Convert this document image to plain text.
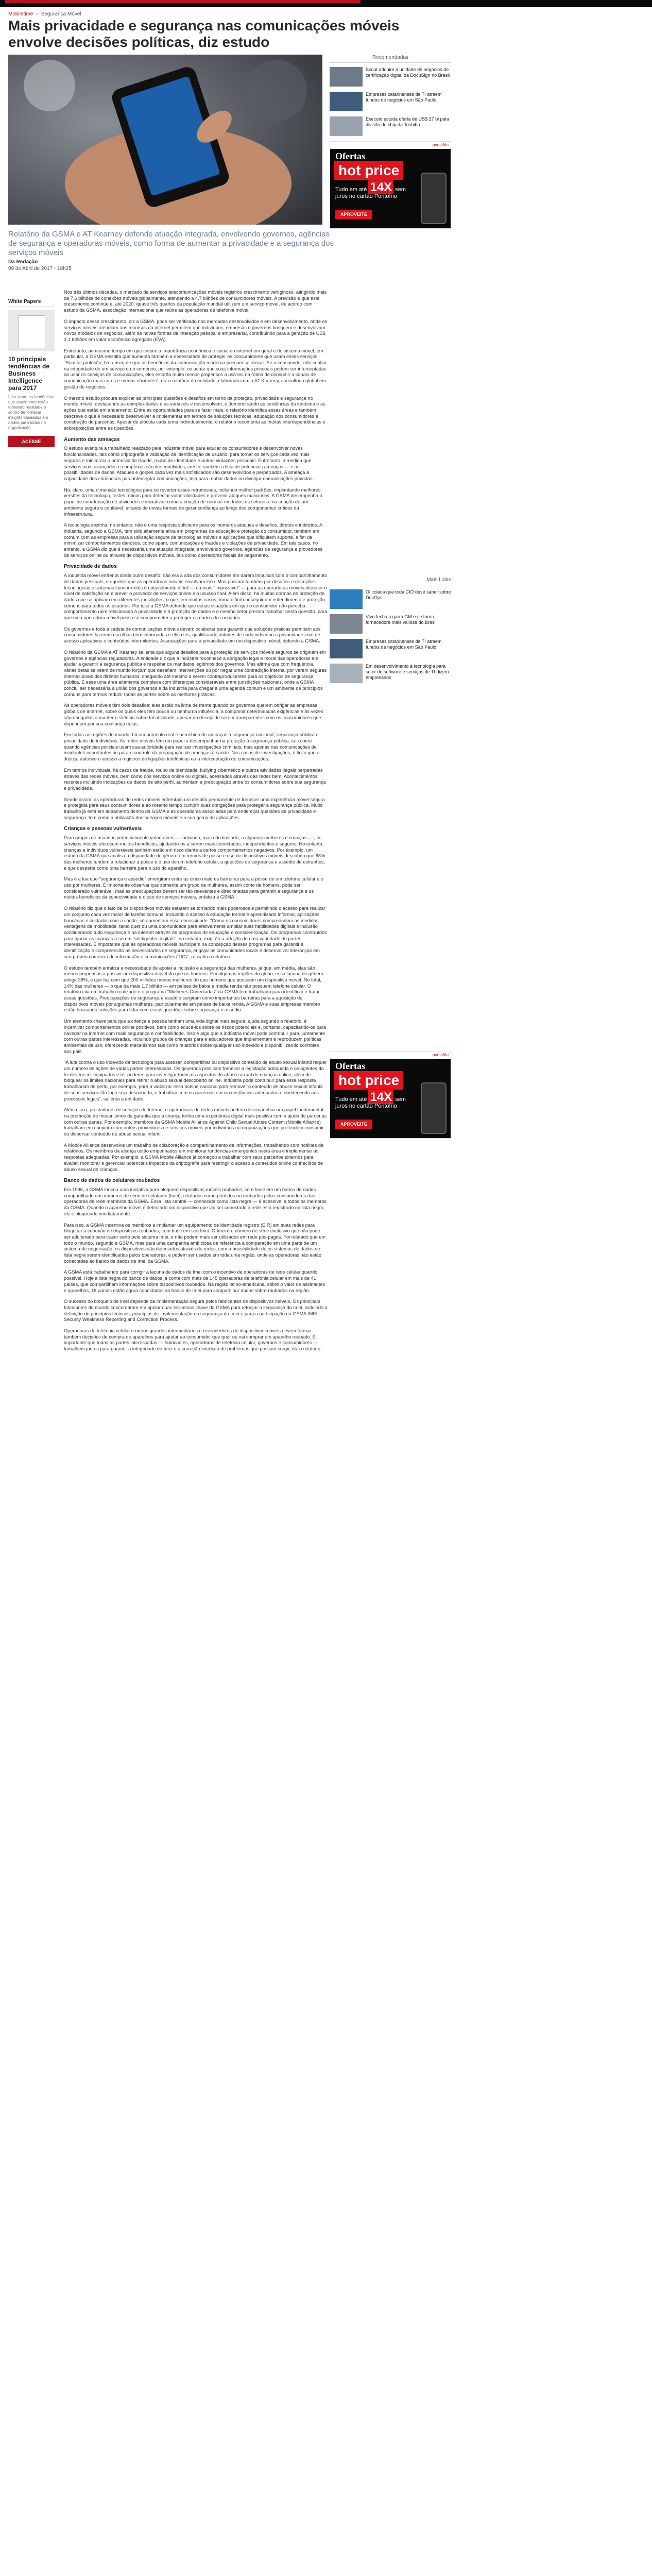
Mobiletime › Segurança Móvel
Mais privacidade e segurança nas comunicações móveis envolve decisões políticas, diz estudo

Relatório da GSMA e AT Kearney defende atuação integrada, envolvendo governos, agências de segurança e operadoras móveis, como forma de aumentar a privacidade e a segurança dos serviços móveis

Da Redação
09 de Abril de 2017 - 18h25
Recomendadas
Scout adquire a unidade de negócios de certificação digital da DocuSign no Brasil
Empresas catarinenses de TI atraem fundos de negócios em São Paulo
Executo estuda oferta de US$ 27 bi pela divisão de chip da Toshiba
pontofrio
Ofertas
hot price
Tudo em até 14X sem juros no cartão Pontofrio
APROVEITE
White Papers
10 principais tendências de Business Intelligence para 2017
Leia sobre as tendências que atualmente estão tornando realidade o sonho de fornecer insights baseados em dados para todos na organização.
ACESSE

Nos três últimos décadas, o mercado de serviços telecomunicações móveis registrou crescimento vertiginoso, atingindo mais de 7,6 bilhões de conexões móveis globalmente, atendendo a 4,7 bilhões de consumidores móveis. A previsão é que este crescimento continue e, até 2020, quase três quartos da população mundial utilizem um serviço móvel, de acordo com estudo da GSMA, associação internacional que reúne as operadoras de telefonia móvel.

O impacto desse crescimento, diz a GSMA, pode ser verificado nos mercados desenvolvidos e em desenvolvimento, onde os serviços móveis atendiam aos recursos da internet permitem que indivíduos, empresas e governos busquem e desenvolvam novos modelos de negócios, além de novas formas de interação pessoal e empresarial, contribuindo para a geração de US$ 3,1 trilhões em valor econômico agregado (EVA).

Entretanto, ao mesmo tempo em que cresce a importância econômica e social da internet em geral e do sistema móvel, em particular, a GSMA ressalta que aumenta também a necessidade de proteger os consumidores que usam esses serviços. "Sem tal proteção, há o risco de que os benefícios da comunicação moderna possam se erosar. Se o consumidor não confiar na integridade de um serviço ou o comércio, por exemplo, ou achar que suas informações pessoais podem ser interceptadas ao usar os serviços de comunicações, eles estarão muito menos propensos a usá-los na rotina de consumir a canais de comunicação mais caros e menos eficientes", diz o relatório da entidade, elaborado com a AT Kearney, consultoria global em gestão de negócios.

O mesmo estudo procura explicar as principais questões e desafios em torno da proteção, privacidade e segurança no mundo móvel, destacando as complexidades e as variáveis e desenvolvem, é demonstrando as tendências da indústria e as ações que estão em andamento. Entre as oportunidades para se fazer mais, o relatório identifica essas áreas e também descreve o que é necessário desenvolver e implementar em termos de soluções técnicas, educação dos consumidores e construção de parcerias. Apesar de alocuta cada tema individualmente, o relatório recomenta as muitas interdependências e sobreposições entre as questões.

Aumento das ameaças

O estudo aventura a trabalhado realizado pela indústria móvel para educar os consumidores e desenvolver novas funcionalidades, tais como criptografia e validação da identificação de usuário, para tornar os serviços cada vez mais seguros e minimizar o potencial de fraude, roubo de identidade e outras violações pessoais. Entretanto, à medida que serviços mais avançados e complexos são desenvolvidos, cresce também a lista de potenciais ameaças — e as possibilidades de danos. Ataques e golpes cada vez mais sofisticados são desenvolvidos e perpetrados. A ameaça à capacidade dos criminosos para interceptar comunicações, teja para roubar dados ou divulgar comunicações privadas.

Há, claro, uma dimensão tecnológica para se reverter esses retrocessos, incluindo melhor padrões, implantando melhores versões da tecnologia, testes rotinas para detectar vulnerabilidades e prevenir ataques maliciosos. A GSMA desempenha o papel de coordenação de atividades e iniciativas como a criação de normas em todos os setores e na criação de um ambiente seguro e confiável, através de novas formas de gerar confiança ao longo dos componentes críticos da infraestrutura.

A tecnologia sozinha, no entanto, não é uma resposta suficiente para os inúmeros ataques e desafios, diretos e indiretos. A indústria, segundo a GSMA, tem sido altamente ativa em programas de educação e proteção do consumidor, também em comum com as empresas para a utilização segura de tecnologias móveis e aplicações que dificultem suporte, a fim de minimizar comportamentos danosos, como spam, comunicações e fraudes e violações de privacidade. Em tais casos, no entanto, a GSMA diz que é necessária uma atuação integrada, envolvendo governos, agências de segurança e provedores de serviços online ou através de dispositivos móveis, tais como operadoras fiscais de pagamento.

Privacidade de dados

A indústria móvel enfrenta ainda outro desafio: não era a alta dos consumidores em darem impulsos com o compartilhamento de dados pessoais, e aqueles que as operadoras móveis envolvam isso. Mas passam também por desafios e restrições tecnológicas e sistemas concorrentes é notavelmente difícil — ou mais "impossível" — para as operadoras móveis oferecer o nível de satisfação sem prever o provedor de serviços online e o usuário final. Além disso, há muitas normas de proteção de dados que se aplicam em diferentes jurisdições, o que, em muitos casos, torna difícil conseguir um entendimento e proteção comuns para todos os usuários. Por isso a GSMA defende que essas situações em que o consumidor não perceba comportamento ruim relacionado à privacidade e à proteção de dados e o mesmo setor precisa trabalhar nesta questão, para que uma operadora móvel possa se comprometer a proteger os dados dos usuários.

Os governos e toda a cadeia de comunicações móveis devem colaborar para garantir que soluções práticas permitam aos consumidores fazerem escolhas bem informadas e eficazes, qualificando atitudes de cada indivíduo a privacidade com de acesso aplicativos e conteúdos intermitentes. Associações para a privacidade em um dispositivo móvel, defende a GSMA.

O relatório da GSMA e AT Kearney salienta que alguns desafios para a proteção de serviços móveis seguros se originam em governos e agências reguladoras. A entidade diz que a indústria reconhece a obrigação legal e moral das operadoras em ajudar a garantir a segurança pública e respeitar os mandatos legítimos dos governos. Mas afirma que com frequência, várias delas se veem de mundo forçam que desafiam intervenções ou por negar uma contradição interna, por verem seguras internacionais dos direitos humanos, chegando até mesmo a serem contraproducentes para os objetivos de segurança pública. E esse uma área altamente complexa com diferenças consideráveis entre jurisdições nacionais, onde a GSMA conclui ser necessária a união dos governos e da indústria para chegar a uma agenda comum e um ambiente de princípios comuns para termos reduzir todas as partes sobre as melhores práticas.

As operadoras móveis têm dois desafios: elas estão na linha de frente quando os governos querem obrigar as empresas globais de internet, sobre os quais eles têm pouca ou nenhuma influência, a comprimir determinadas exigências e às vezes são obrigadas a manter o silêncio sobre tal atividade, apesar do desejo de serem transparentes com os consumidores que dependem por sua confiança nelas.

Em todas as regiões do mundo, há um aumento real e percebido de ameaças à segurança nacional, segurança pública e privacidade de indivíduos. As redes móveis têm um papel a desempenhar na proteção à segurança pública, tais como quando agências policiais usam sua autoridade para realizar investigações criminais, mas apenas nas comunicações de incidentes importantes ou para o controle da propagação de ameaças à saúde. Nos casos de investigações, é lícito que a Justiça autorize o acesso a registros de ligações telefônicas ou a interceptação de comunicações.

Em termos individuais, há casos de fraude, roubo de identidade, bullying cibernético e outros atividades ilegais perpetradas através das redes móveis, bem como dos serviços online ou digitais, acessados através das redes bem. Acontecimentos recentes incluindo indicações de dados de alto perfil, aumentam a preocupação entre os consumidores sobre sua segurança e privacidade.

Sendo assim, as operadoras de redes móveis enfrentam um desafio permanente de fornecer uma experiência móvel segura e protegida para seus consumidores e ao mesmo tempo cumprir suas obrigações para proteger a segurança pública. Muito trabalho já está em andamento dentro da GSMA e as operadoras associadas para endereçar questões de privacidade e segurança, tem como a utilização dos serviços móveis e a sua gama de aplicações.

Crianças e pessoas vulneráveis

Para grupos de usuários potencialmente vulneráveis — incluindo, mas não limitado, a algumas mulheres e crianças — , os serviços móveis oferecem muitos benefícios, ajudando-os a serem mais conectados, independentes e seguros. No entanto, crianças e indivíduos vulneráveis também estão em risco diante a certos comportamentos negativos. Por exemplo, um estudo da GSMA que analisa a disparidade de gênero em termos de posse e uso de dispositivos móveis descobriu que 68% das mulheres tendem a relacionar a posse e o uso de um telefone celular, a questões de segurança e assédio de estranhos, e que desperta como uma barreira para o uso do aparelho.

Mas é a tua que "segurança e assédio" emergiram entre as cinco maiores barreiras para a posse de um telefone celular e o uso por mulheres. É importante observar que somente um grupo de mulheres, assim como de homens, pode ser considerado vulnerável, mas as preocupações devem ser tão relevantes e direcionadas para garantir a segurança e os muitos benefícios da conectividade e o uso de serviços móveis, enfatiza a GSMA.

O relatório diz que o fato de os dispositivos móveis estarem se tornando mais poderosos e permitindo o acesso para realizar um conjunto cada vez maior de tarefas comuns, incluindo o acesso à educação formal e aprendizado informal, aplicações bancárias e cuidados com a saúde, só aumentam essa necessidade. "Como os consumidores compreendem as medidas vantagens da mobilidade, tanto quer ou uma oportunidade para efetivamente ampliar suas habilidades digitais e inclusão considerando tudo segurança e na internet através de programas de educação e conscientização. Os programas construídos para ajudar as crianças a serem "inteligentes digitais", no entanto, exigirão a adoção de uma variedade de partes interessadas. É importante que as operadoras móveis participem na concepção desses programas para garantir a identificação e compreensão as necessidades de segurança, engajar as comunidades locais e desenvolver lideranças em seu próprio comércio de informação e comunicações (TIC)", ressalta o relatório.

O estudo também enfatiza a necessidade de apoiar a inclusão e a segurança das mulheres, já que, em média, elas são menos propensas a possuir um dispositivo móvel do que os homens. Em algumas regiões do globo, essa lacuna de gênero atinge 38%, e que faz com que 200 milhões menos mulheres do que homens que possuem um dispositivo móvel. No total, 14% das mulheres — o que da mais 1,7 bilhão — em países de baixa e média renda não possuem telefone celular. O relatório cita um trabalho realizado e o programa "Mulheres Conectadas" da GSMA tem trabalhado para identificar e tratar essas questões. Preocupações de segurança e assédio surgiram como importantes barreiras para a aquisição de dispositivos móveis por algumas mulheres, particularmente em países de baixa renda. A GSMA e suas empresas membro estão buscando soluções para lidar com essas questões sobre segurança e assédio.

Um elemento chave para que a criança e pessoa tenham uma vida digital mais segura, ajuda segundo o relatório, é incentivar comportamentos online positivos, bem como educá-los sobre os riscos potenciais e, portanto, capacitando-os para navegar na internet com mais segurança e confiabilidade. Isso é algo que a indústria móvel pode contribuir para, juntamente com outras partes interessadas, incluindo grupos de crianças para e educadores que implementam e reproduzem políticas ambientais de uso, oferecendo mecanismos tais como relatórios sobre qualquer uso indevido e disponibilizando controles aos pais.

"A luta contra o uso indevido da tecnologia para acessar, compartilhar ou dispositivo conteúdo de abuso sexual infantil requer um número de ações de várias partes interessadas. Os governos precisam fornecer a legislação adequada e os agentes da lei devem ser equipados e ter poderes para investigar todos os aspectos do abuso sexual de crianças online, além de bloquear os limites nacionais para retirar o abuso sexual descoberto online. Indústria pode contribuir para essa resposta trabalhando de perto, por exemplo, para a viabilizar essa hotline nacional para remover o conteúdo de abuso sexual infantil de seus serviços tão logo seja descoberto, e trabalhar com os governos em circunstâncias adequadas e obedecendo aos processos legais", salienta a entidade.

Além disso, prestadores de serviços de Internet e operadoras de redes móveis podem desempenhar um papel fundamental na promoção de mecanismos de garantia que a criança tenha uma experiência digital mais positiva com a ajuda de parcerias com outras partes. Por exemplo, membros da GSMA Mobile Alliance Against Child Sexual Abuse Content (Mobile Alliance) trabalham em conjunto com outros provedores de serviços móveis por indivíduos ou organizações que pretendem consumir ou dispersar conteúdo de abuso sexual infantil.

A Mobile Alliance desenvolve um trabalho de colaboração e compartilhamento de informações, trabalhando com hotlines de relatórios. Os membros da aliança estão empenhados em monitorar tendências emergentes nesta área e implementar as respostas adequadas. Por exemplo, a GSMA Mobile Alliance já começou a trabalhar com seus parceiros externos para avaliar, monitorar e gerenciar potenciais impactos da criptografia para restringir o acesso a conteúdos online conhecidos de abuso sexual de crianças.

Banco de dados de celulares roubados

Em 1996, a GSMA lançou uma iniciativa para bloquear dispositivos móveis roubados, com base em um banco de dados compartilhado dos números de série de celulares (Imei), relatados como perdidos ou roubados pelos consumidores das operadoras de rede membros da GSMA. Essa lista central — conhecida como lista negra — é acessível a todos os membros da GSMA. Quando o aparelho móvel é detectado um dispositivo que vai ser conectado a rede está registrado na lista negra, ele é bloqueado imediatamente.

Para isso, a GSMA incentiva os membros a implantar um equipamento de identidade registro (EIR) em suas redes para bloquear a conexão de dispositivos roubados, com base em seu Imei. O Imei é o número de série exclusivo que não pode ser adulterado para trazer certo pelo sistema Imei, e não podem mais ser utilizados em rede pós-pagos. Foi relatado que em todo o mundo, segundo a GSMA, mas para uma campanha ambiciosa de referência a comparação em uma parte de um sistema de negociação, os dispositivos são detectados através de redes, com a possibilidade de os sistemas de dados de lista negra serem identificados pelos operadores, e podem ser usados em toda uma região, onde as operadoras não estão conectadas ao banco de dados de Imei da GSMA.

A GSMA está trabalhando para corrigir a lacuna de dados de Imei com o incentivo de operadoras de rede celular quando possível. Hoje a lista negra do banco de dados já conta com mais de 145 operadoras de telefonia celular em mais de 41 países, que compartilham informações sobre dispositivos roubados. Na região latino-americana, sobre o valor de assinantes e aparelhos, 18 países estão agora conectados ao banco de Imei para compartilhar dados sobre roubados na região.

O sucesso do bloqueio de Imei depende da implementação segura pelos fabricantes de dispositivos móveis. Os principais fabricantes do mundo concordaram em apoiar duas iniciativas chave da GSMA para reforçar a segurança do Imei, incluindo a definição de princípios técnicos, princípios de implementação da segurança do Imei e para a participação na GSMA IMEI Security Weakness Reporting and Correction Process.

Operadoras de telefonia celular e outros grandes intermediários e revendedores de dispositivos móveis devem formar também decisões de compra de aparelhos para ajudar ao consumidor que quer ou vai comprar um aparelho roubado. É importante que todas as partes interessadas — fabricantes, operadoras de telefonia celular, governos e consumidores — trabalhem juntos para garantir a integridade do Imei e a correção imediata de problemas que possam surgir, diz o relatório.

Mais Lidas
Oi colaca que toda CIO deve saber sobre DevOps
Vivo fecha a garra GM e se torna fornecedora mais valiosa do Brasil
Empresas catarinenses de TI atraem fundos de negócios em São Paulo
Em desenvolvimento à tecnologia para setor de software e serviços de TI dizem empresários
pontofrio
Ofertas
hot price
Tudo em até 14X sem juros no cartão Pontofrio
APROVEITE
